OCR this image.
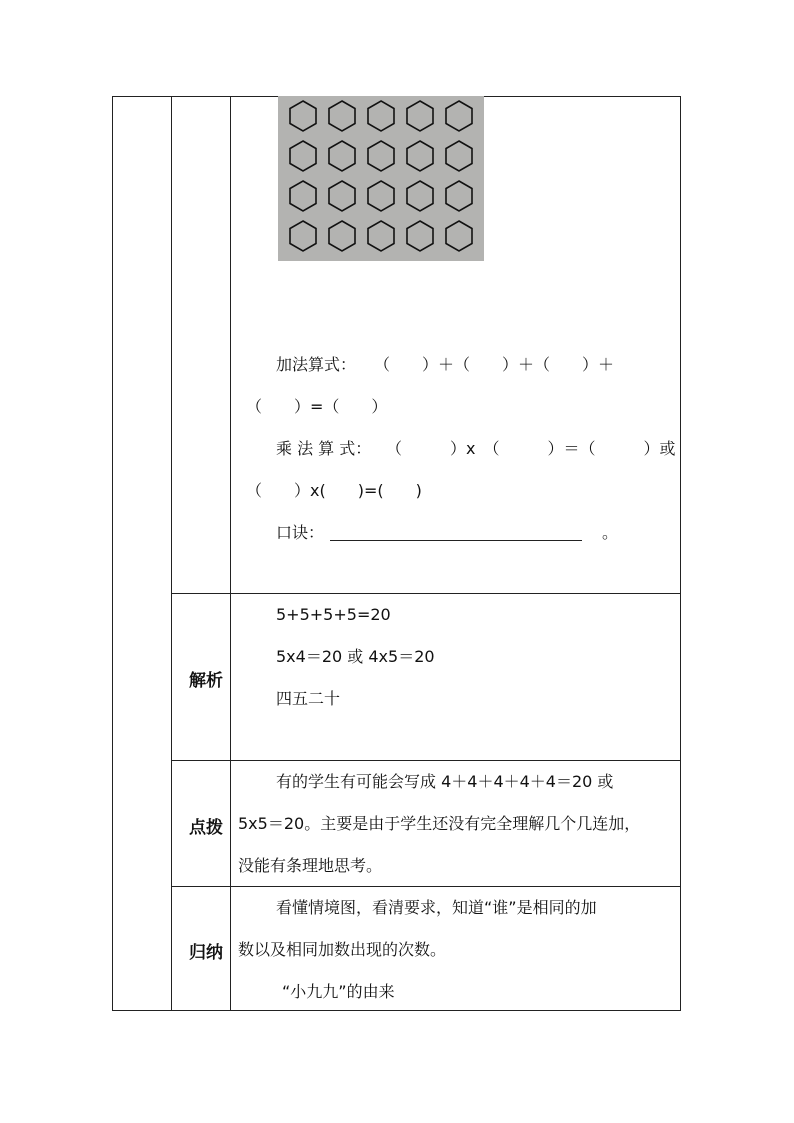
加法算式： （　　）＋（　　）＋（　　）＋
（　　）=（　　）
乘 法 算 式： （　　　）x　（　　　）＝（　　　）或
（　　）x(　　)=(　　)
口诀：	。
解析
5+5+5+5=20
5x4＝20 或 4x5＝20
四五二十
点拨
有的学生有可能会写成 4＋4＋4＋4＋4＝20 或
5x5＝20。主要是由于学生还没有完全理解几个几连加，
没能有条理地思考。
归纳
看懂情境图，看清要求，知道“谁”是相同的加
数以及相同加数出现的次数。
“小九九”的由来
